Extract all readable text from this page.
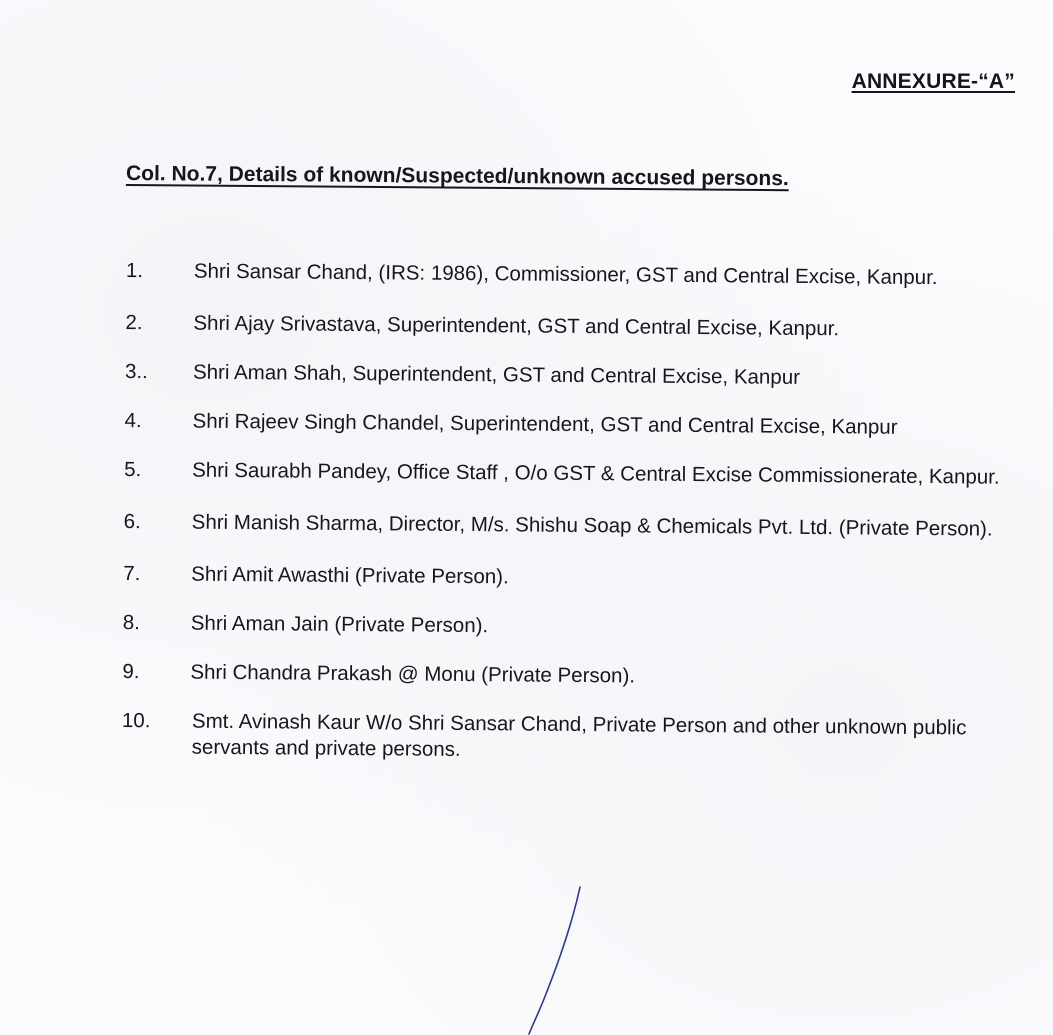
ANNEXURE-“A”
Col. No.7, Details of known/Suspected/unknown accused persons.
1.	Shri Sansar Chand, (IRS: 1986), Commissioner, GST and Central Excise, Kanpur.
2.	Shri Ajay Srivastava, Superintendent, GST and Central Excise, Kanpur.
3..	Shri Aman Shah, Superintendent, GST and Central Excise, Kanpur
4.	Shri Rajeev Singh Chandel, Superintendent, GST and Central Excise, Kanpur
5.	Shri Saurabh Pandey, Office Staff , O/o GST & Central Excise Commissionerate, Kanpur.
6.	Shri Manish Sharma, Director, M/s. Shishu Soap & Chemicals Pvt. Ltd. (Private Person).
7.	Shri Amit Awasthi (Private Person).
8.	Shri Aman Jain (Private Person).
9.	Shri Chandra Prakash @ Monu (Private Person).
10.	Smt. Avinash Kaur W/o Shri Sansar Chand, Private Person and other unknown public servants and private persons.
